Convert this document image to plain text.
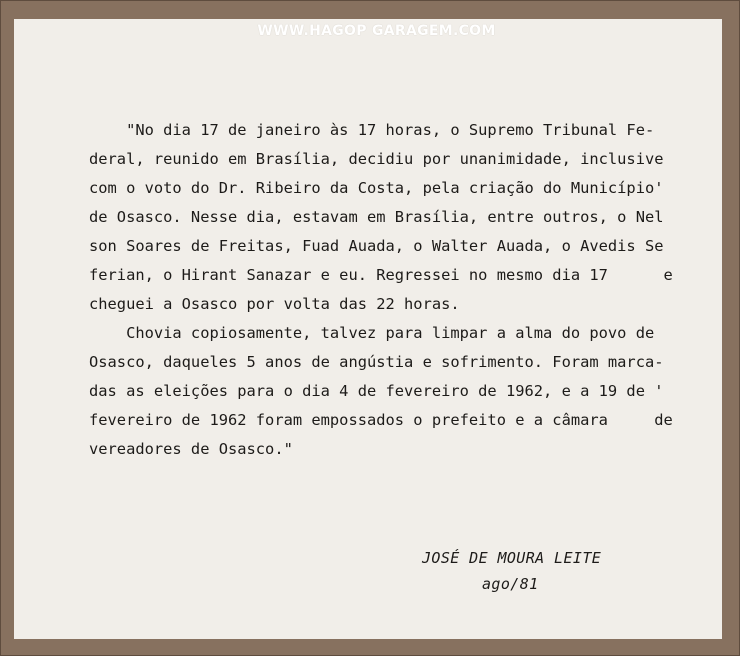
WWW.HAGOP GARAGEM.COM
"No dia 17 de janeiro às 17 horas, o Supremo Tribunal Fe-
deral, reunido em Brasília, decidiu por unanimidade, inclusive
com o voto do Dr. Ribeiro da Costa, pela criação do Município'
de Osasco. Nesse dia, estavam em Brasília, entre outros, o Nel
son Soares de Freitas, Fuad Auada, o Walter Auada, o Avedis Se
ferian, o Hirant Sanazar e eu. Regressei no mesmo dia 17      e
cheguei a Osasco por volta das 22 horas.
Chovia copiosamente, talvez para limpar a alma do povo de
Osasco, daqueles 5 anos de angústia e sofrimento. Foram marca-
das as eleições para o dia 4 de fevereiro de 1962, e a 19 de '
fevereiro de 1962 foram empossados o prefeito e a câmara     de
vereadores de Osasco."
JOSÉ DE MOURA LEITE
ago/81
